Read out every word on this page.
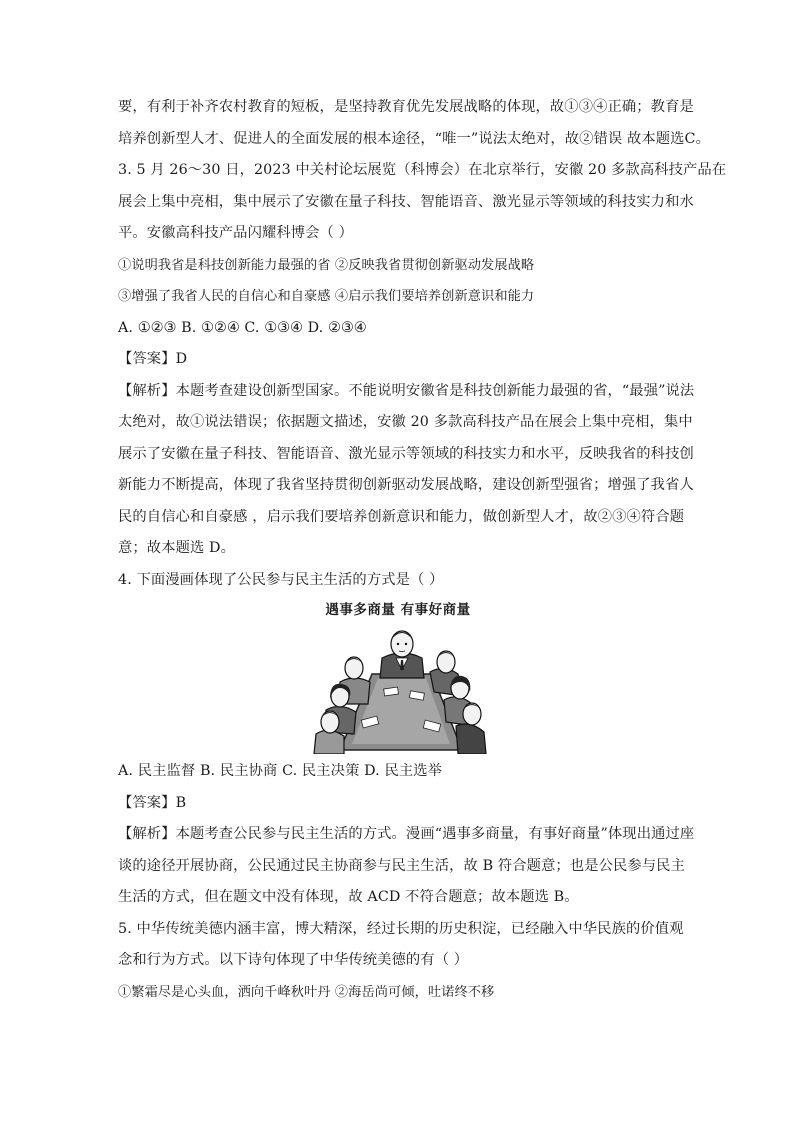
要，有利于补齐农村教育的短板，是坚持教育优先发展战略的体现，故①③④正确；教育是
培养创新型人才、促进人的全面发展的根本途径，“唯一”说法太绝对，故②错误 故本题选C。
3. 5 月 26～30 日，2023 中关村论坛展览（科博会）在北京举行，安徽 20 多款高科技产品在
展会上集中亮相，集中展示了安徽在量子科技、智能语音、激光显示等领域的科技实力和水
平。安徽高科技产品闪耀科博会（ ）
①说明我省是科技创新能力最强的省 ②反映我省贯彻创新驱动发展战略
③增强了我省人民的自信心和自豪感 ④启示我们要培养创新意识和能力
A. ①②③ B. ①②④ C. ①③④ D. ②③④
【答案】D
【解析】本题考查建设创新型国家。不能说明安徽省是科技创新能力最强的省，“最强”说法
太绝对，故①说法错误；依据题文描述，安徽 20 多款高科技产品在展会上集中亮相，集中
展示了安徽在量子科技、智能语音、激光显示等领域的科技实力和水平，反映我省的科技创
新能力不断提高，体现了我省坚持贯彻创新驱动发展战略，建设创新型强省；增强了我省人
民的自信心和自豪感 ，启示我们要培养创新意识和能力，做创新型人才，故②③④符合题
意；故本题选 D。
4. 下面漫画体现了公民参与民主生活的方式是（ ）
遇事多商量 有事好商量
A. 民主监督 B. 民主协商 C. 民主决策 D. 民主选举
【答案】B
【解析】本题考查公民参与民主生活的方式。漫画“遇事多商量，有事好商量”体现出通过座
谈的途径开展协商，公民通过民主协商参与民主生活，故 B 符合题意；也是公民参与民主
生活的方式，但在题文中没有体现，故 ACD 不符合题意；故本题选 B。
5. 中华传统美德内涵丰富，博大精深，经过长期的历史积淀，已经融入中华民族的价值观
念和行为方式。以下诗句体现了中华传统美德的有（ ）
①繁霜尽是心头血，洒向千峰秋叶丹 ②海岳尚可倾，吐诺终不移
